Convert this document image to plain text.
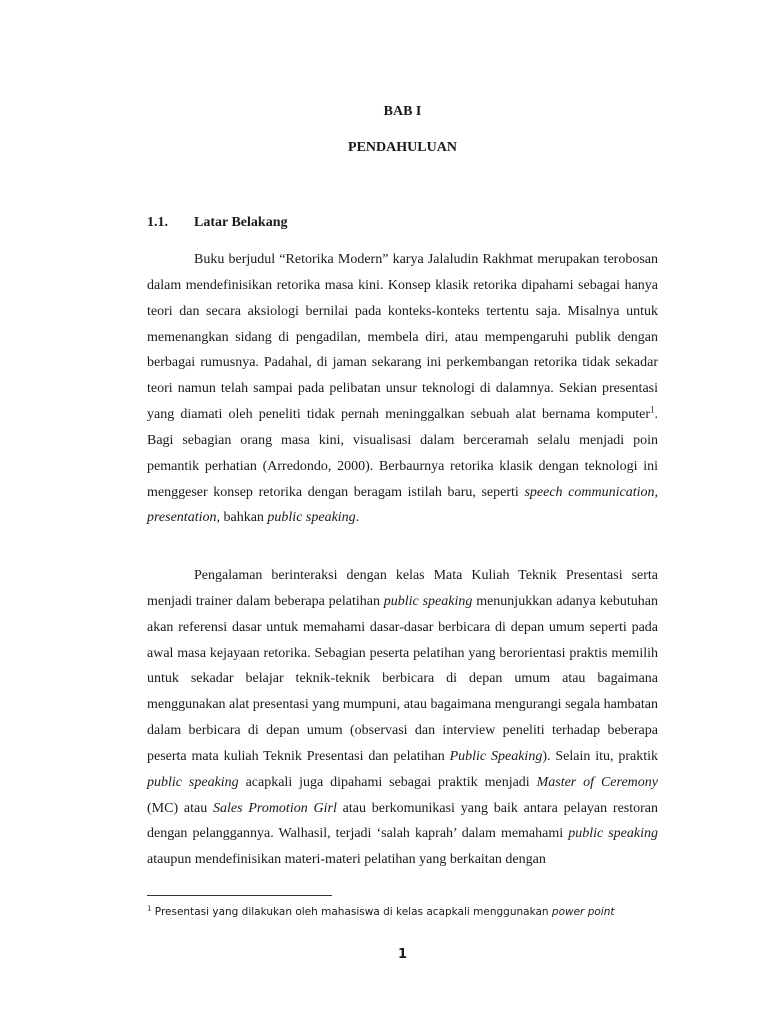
BAB I
PENDAHULUAN
1.1. Latar Belakang

Buku berjudul “Retorika Modern” karya Jalaludin Rakhmat merupakan terobosan dalam mendefinisikan retorika masa kini. Konsep klasik retorika dipahami sebagai hanya teori dan secara aksiologi bernilai pada konteks-konteks tertentu saja. Misalnya untuk memenangkan sidang di pengadilan, membela diri, atau mempengaruhi publik dengan berbagai rumusnya. Padahal, di jaman sekarang ini perkembangan retorika tidak sekadar teori namun telah sampai pada pelibatan unsur teknologi di dalamnya. Sekian presentasi yang diamati oleh peneliti tidak pernah meninggalkan sebuah alat bernama komputer$^1$. Bagi sebagian orang masa kini, visualisasi dalam berceramah selalu menjadi poin pemantik perhatian (Arredondo, 2000). Berbaurnya retorika klasik dengan teknologi ini menggeser konsep retorika dengan beragam istilah baru, seperti speech communication, presentation, bahkan public speaking.

Pengalaman berinteraksi dengan kelas Mata Kuliah Teknik Presentasi serta menjadi trainer dalam beberapa pelatihan public speaking menunjukkan adanya kebutuhan akan referensi dasar untuk memahami dasar-dasar berbicara di depan umum seperti pada awal masa kejayaan retorika. Sebagian peserta pelatihan yang berorientasi praktis memilih untuk sekadar belajar teknik-teknik berbicara di depan umum atau bagaimana menggunakan alat presentasi yang mumpuni, atau bagaimana mengurangi segala hambatan dalam berbicara di depan umum (observasi dan interview peneliti terhadap beberapa peserta mata kuliah Teknik Presentasi dan pelatihan Public Speaking). Selain itu, praktik public speaking acapkali juga dipahami sebagai praktik menjadi Master of Ceremony (MC) atau Sales Promotion Girl atau berkomunikasi yang baik antara pelayan restoran dengan pelanggannya. Walhasil, terjadi ‘salah kaprah’ dalam memahami public speaking ataupun mendefinisikan materi-materi pelatihan yang berkaitan dengan

$^1$ Presentasi yang dilakukan oleh mahasiswa di kelas acapkali menggunakan power point
1
